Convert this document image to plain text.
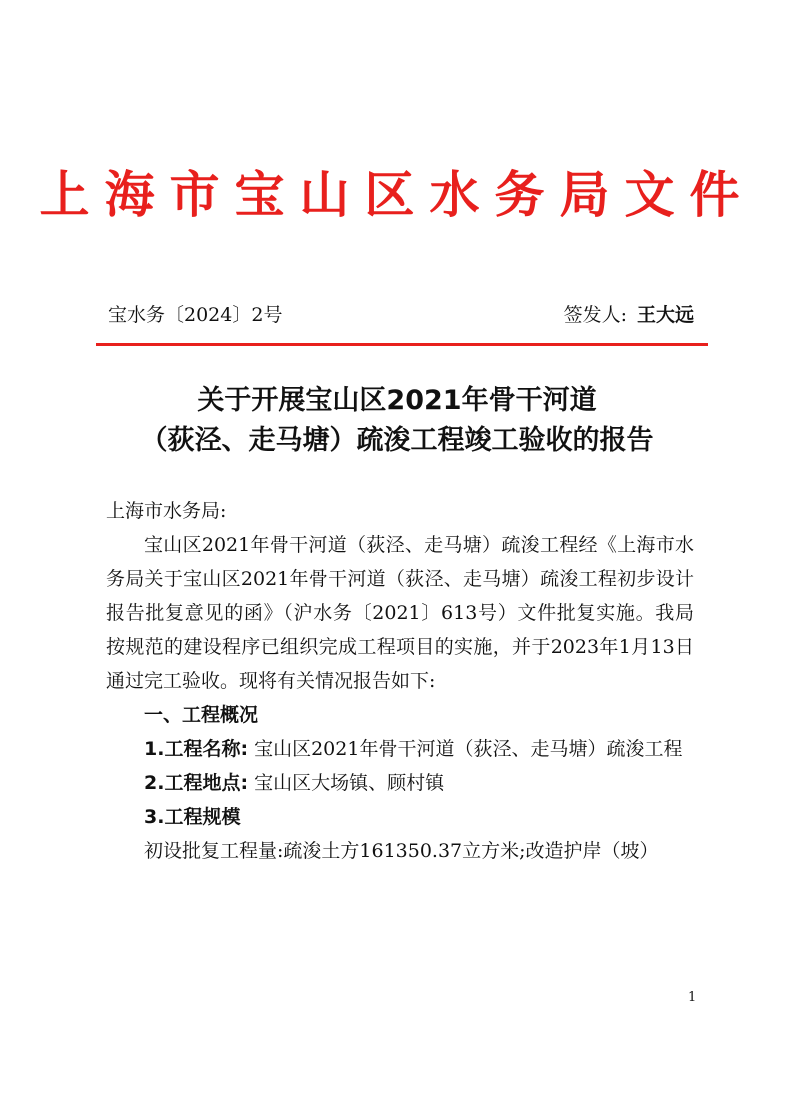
上海市宝山区水务局文件
宝水务〔2024〕2号	签发人: 王大远
关于开展宝山区2021年骨干河道
（荻泾、走马塘）疏浚工程竣工验收的报告

上海市水务局:

宝山区2021年骨干河道（荻泾、走马塘）疏浚工程经《上海市水务局关于宝山区2021年骨干河道（荻泾、走马塘）疏浚工程初步设计报告批复意见的函》（沪水务〔2021〕613号）文件批复实施。我局按规范的建设程序已组织完成工程项目的实施，并于2023年1月13日通过完工验收。现将有关情况报告如下:

一、工程概况

1.工程名称: 宝山区2021年骨干河道（荻泾、走马塘）疏浚工程

2.工程地点: 宝山区大场镇、顾村镇

3.工程规模

初设批复工程量:疏浚土方161350.37立方米;改造护岸（坡）

1
